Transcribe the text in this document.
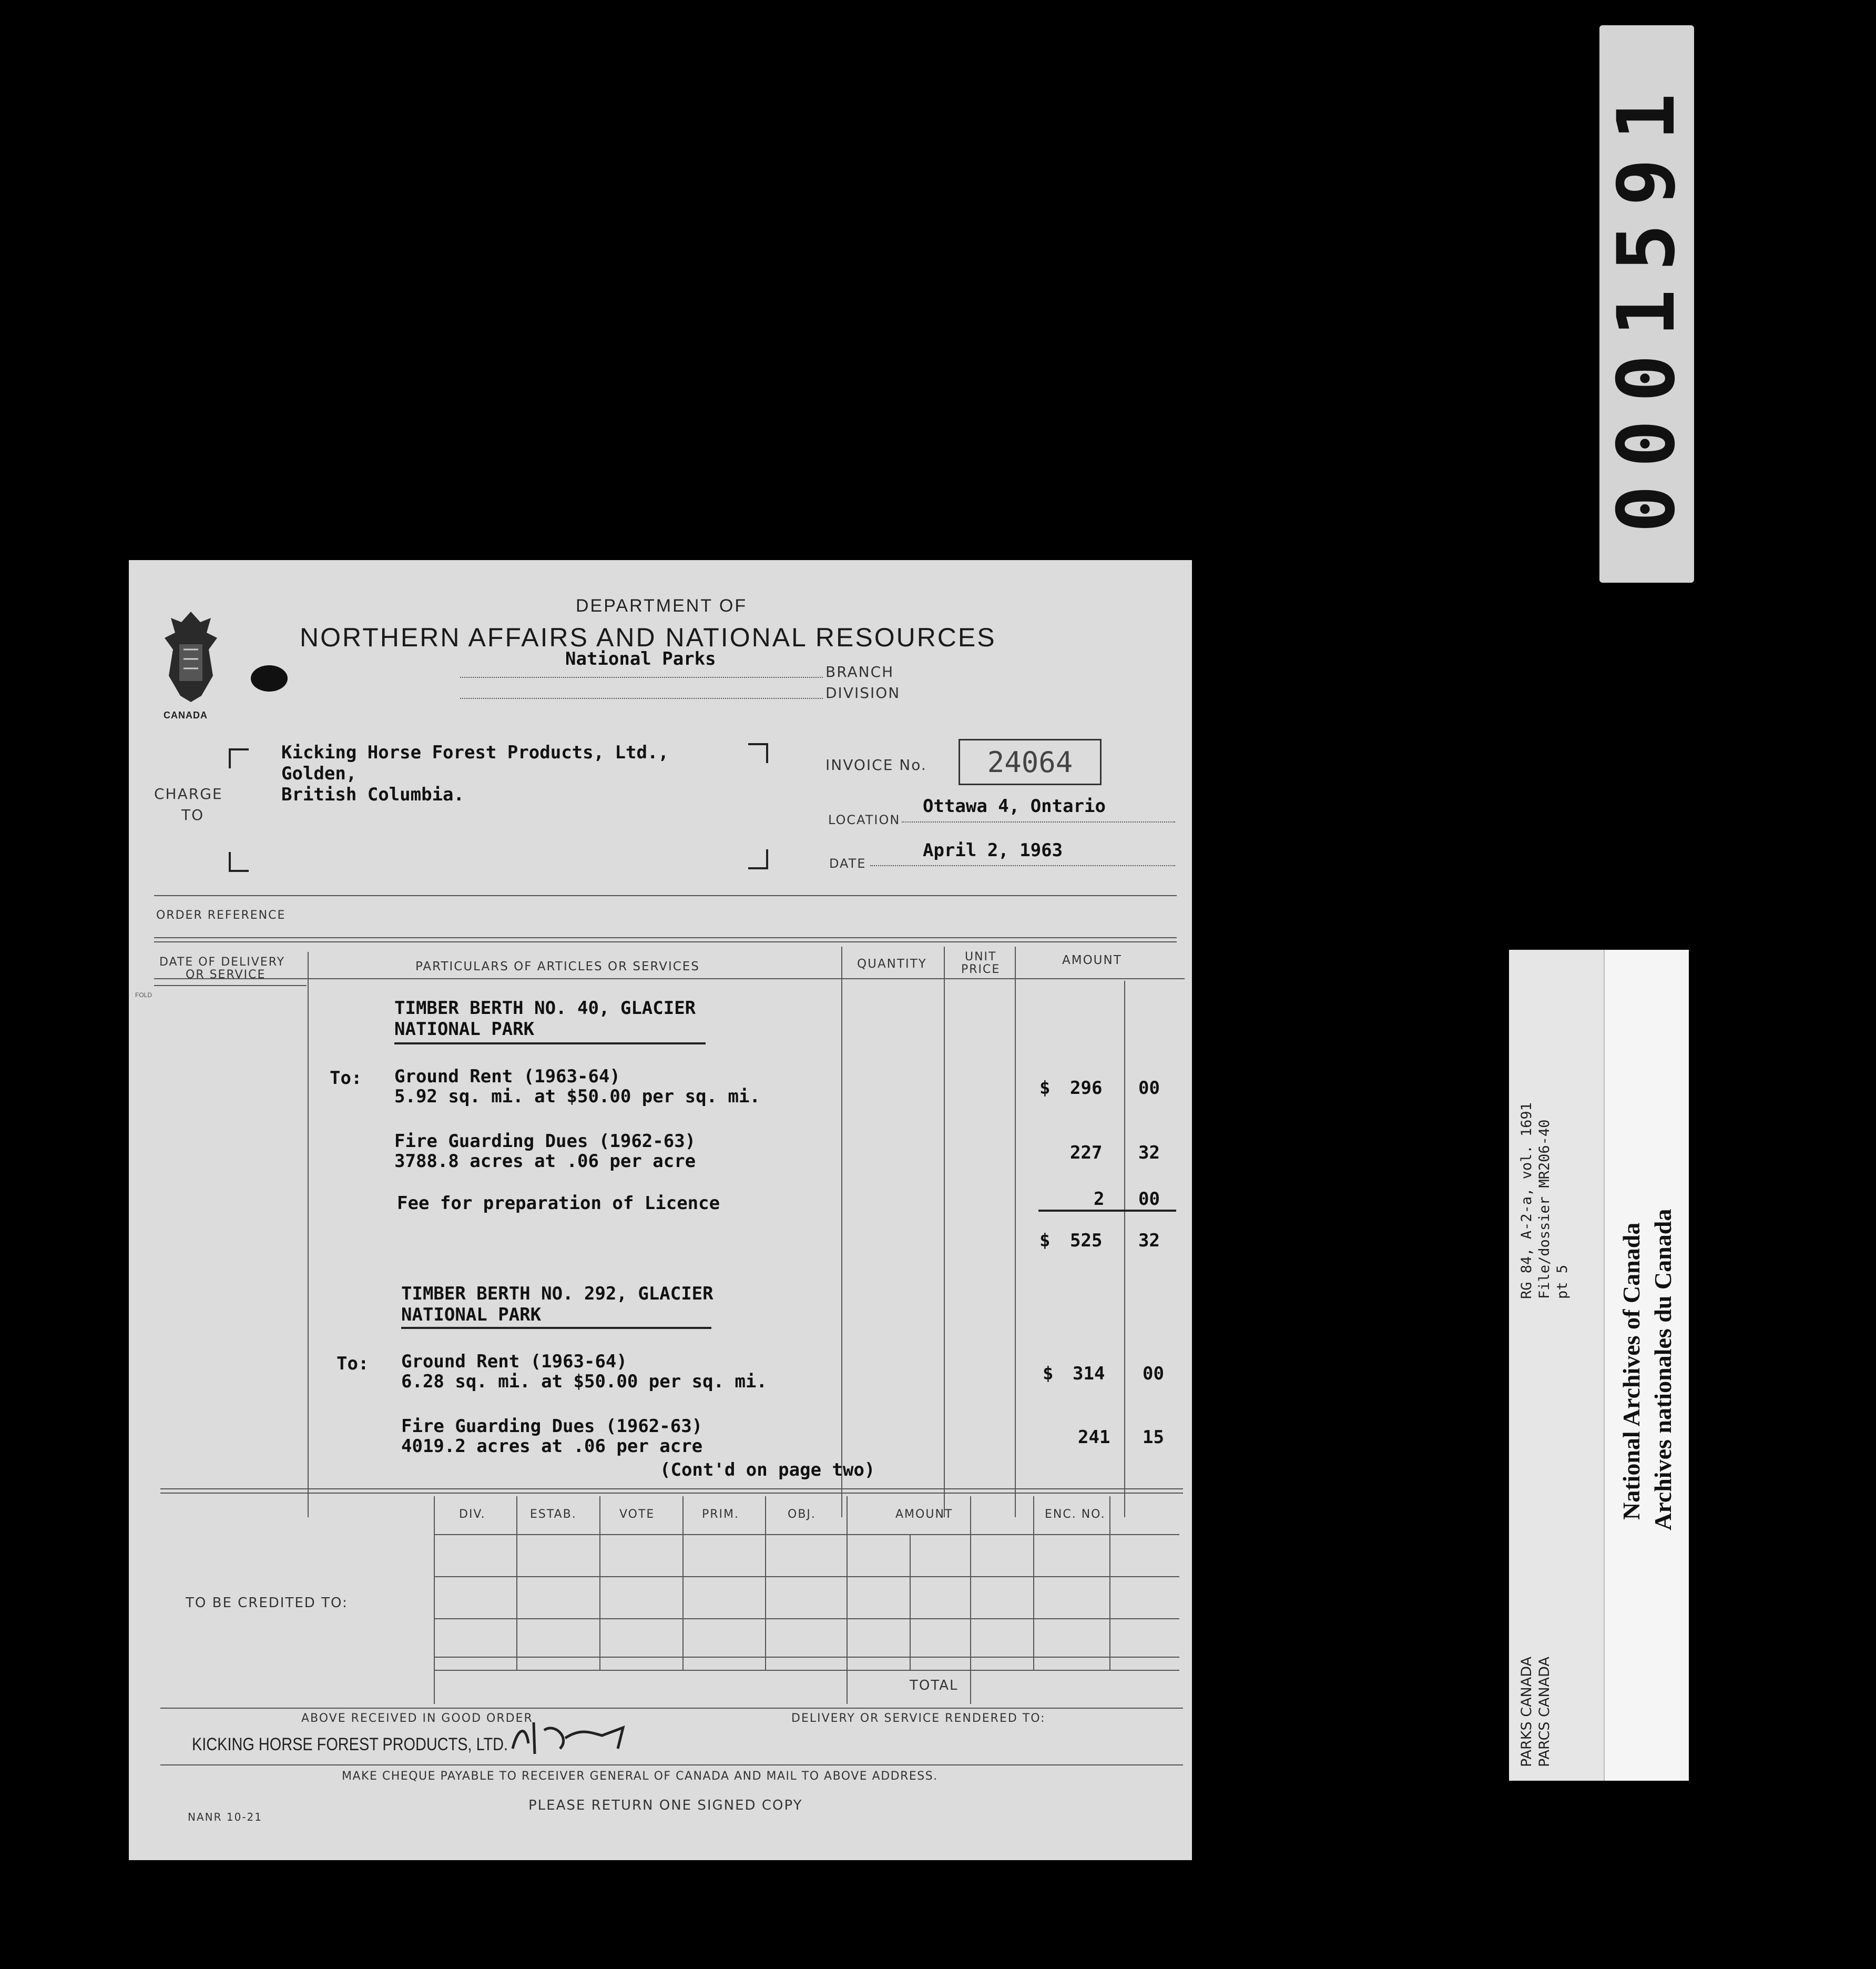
0001591
RG 84, A-2-a, vol. 1691 File/dossier MR206-40 pt 5
PARKS CANADA PARCS CANADA
National Archives of Canada Archives nationales du Canada
CANADA
DEPARTMENT OF
NORTHERN AFFAIRS AND NATIONAL RESOURCES
National Parks
BRANCH
DIVISION
CHARGE
TO
Kicking Horse Forest Products, Ltd.,
Golden,
British Columbia.
INVOICE No.	24064
LOCATION
Ottawa 4, Ontario
DATE
April 2, 1963
ORDER REFERENCE
DATE OF DELIVERY
OR SERVICE
FOLD
PARTICULARS OF ARTICLES OR SERVICES	QUANTITY
UNIT
PRICE
AMOUNT
TIMBER BERTH NO. 40, GLACIER
NATIONAL PARK
To: Ground Rent (1963-64)
5.92 sq. mi. at $50.00 per sq. mi.	$ 296 00
Fire Guarding Dues (1962-63)
3788.8 acres at .06 per acre	227 32
Fee for preparation of Licence	2 00
$ 525 32
TIMBER BERTH NO. 292, GLACIER
NATIONAL PARK
To: Ground Rent (1963-64)
6.28 sq. mi. at $50.00 per sq. mi.	$ 314 00
Fire Guarding Dues (1962-63)
4019.2 acres at .06 per acre	241 15
(Cont'd on page two)
DIV.	ESTAB.	VOTE	PRIM.	OBJ.	AMOUNT	ENC. NO.
TOTAL
TO BE CREDITED TO:
ABOVE RECEIVED IN GOOD ORDER	DELIVERY OR SERVICE RENDERED TO:
KICKING HORSE FOREST PRODUCTS, LTD.
MAKE CHEQUE PAYABLE TO RECEIVER GENERAL OF CANADA AND MAIL TO ABOVE ADDRESS.
PLEASE RETURN ONE SIGNED COPY
NANR 10-21
